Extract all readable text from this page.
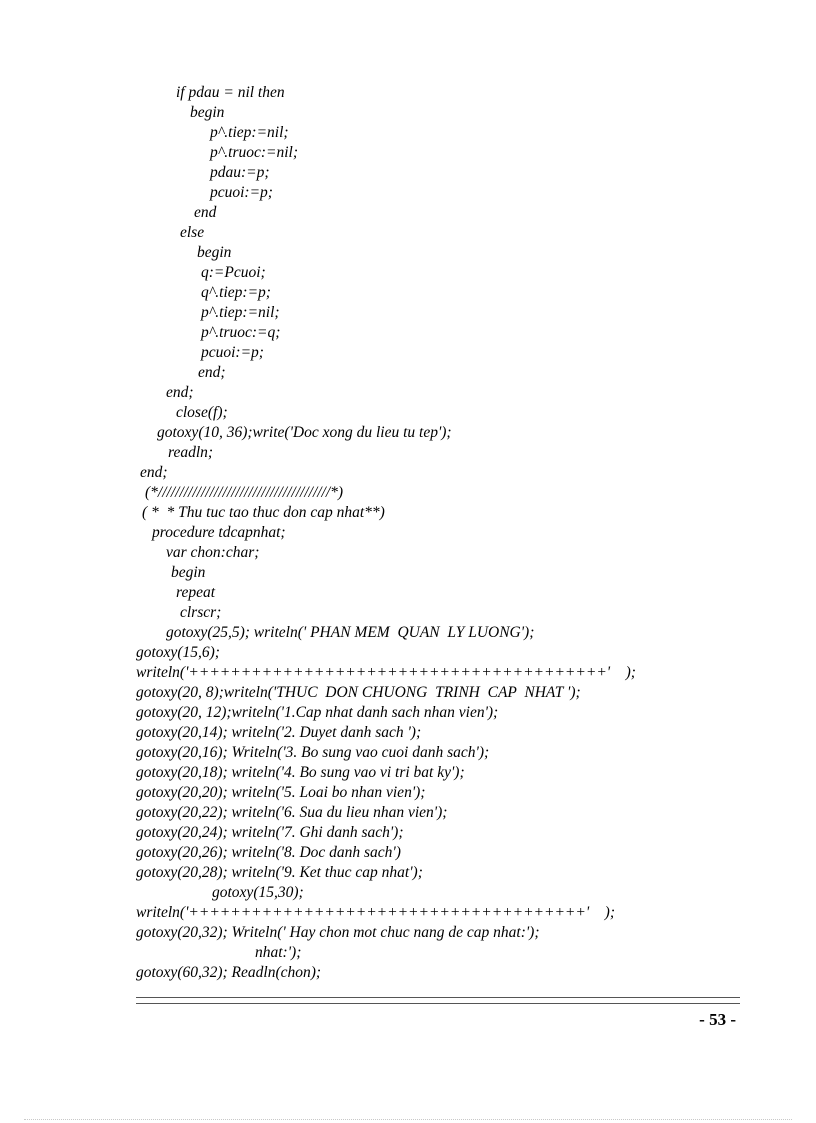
if pdau = nil then
begin
p^.tiep:=nil;
p^.truoc:=nil;
pdau:=p;
pcuoi:=p;
end
else
begin
q:=Pcuoi;
q^.tiep:=p;
p^.tiep:=nil;
p^.truoc:=q;
pcuoi:=p;
end;
end;
close(f);
gotoxy(10, 36);write('Doc xong du lieu tu tep');
readln;
end;
(*////////////////////////////////////////*)
( *  * Thu tuc tao thuc don cap nhat**)
procedure tdcapnhat;
var chon:char;
begin
repeat
clrscr;
gotoxy(25,5); writeln(' PHAN MEM  QUAN  LY LUONG');
gotoxy(15,6);
writeln('++++++++++++++++++++++++++++++++++++++++'    );
gotoxy(20, 8);writeln('THUC  DON CHUONG  TRINH  CAP  NHAT ');
gotoxy(20, 12);writeln('1.Cap nhat danh sach nhan vien');
gotoxy(20,14); writeln('2. Duyet danh sach ');
gotoxy(20,16); Writeln('3. Bo sung vao cuoi danh sach');
gotoxy(20,18); writeln('4. Bo sung vao vi tri bat ky');
gotoxy(20,20); writeln('5. Loai bo nhan vien');
gotoxy(20,22); writeln('6. Sua du lieu nhan vien');
gotoxy(20,24); writeln('7. Ghi danh sach');
gotoxy(20,26); writeln('8. Doc danh sach')
gotoxy(20,28); writeln('9. Ket thuc cap nhat');
gotoxy(15,30);
writeln('++++++++++++++++++++++++++++++++++++++'    );
gotoxy(20,32); Writeln(' Hay chon mot chuc nang de cap nhat:');
nhat:');
gotoxy(60,32); Readln(chon);
- 53 -
